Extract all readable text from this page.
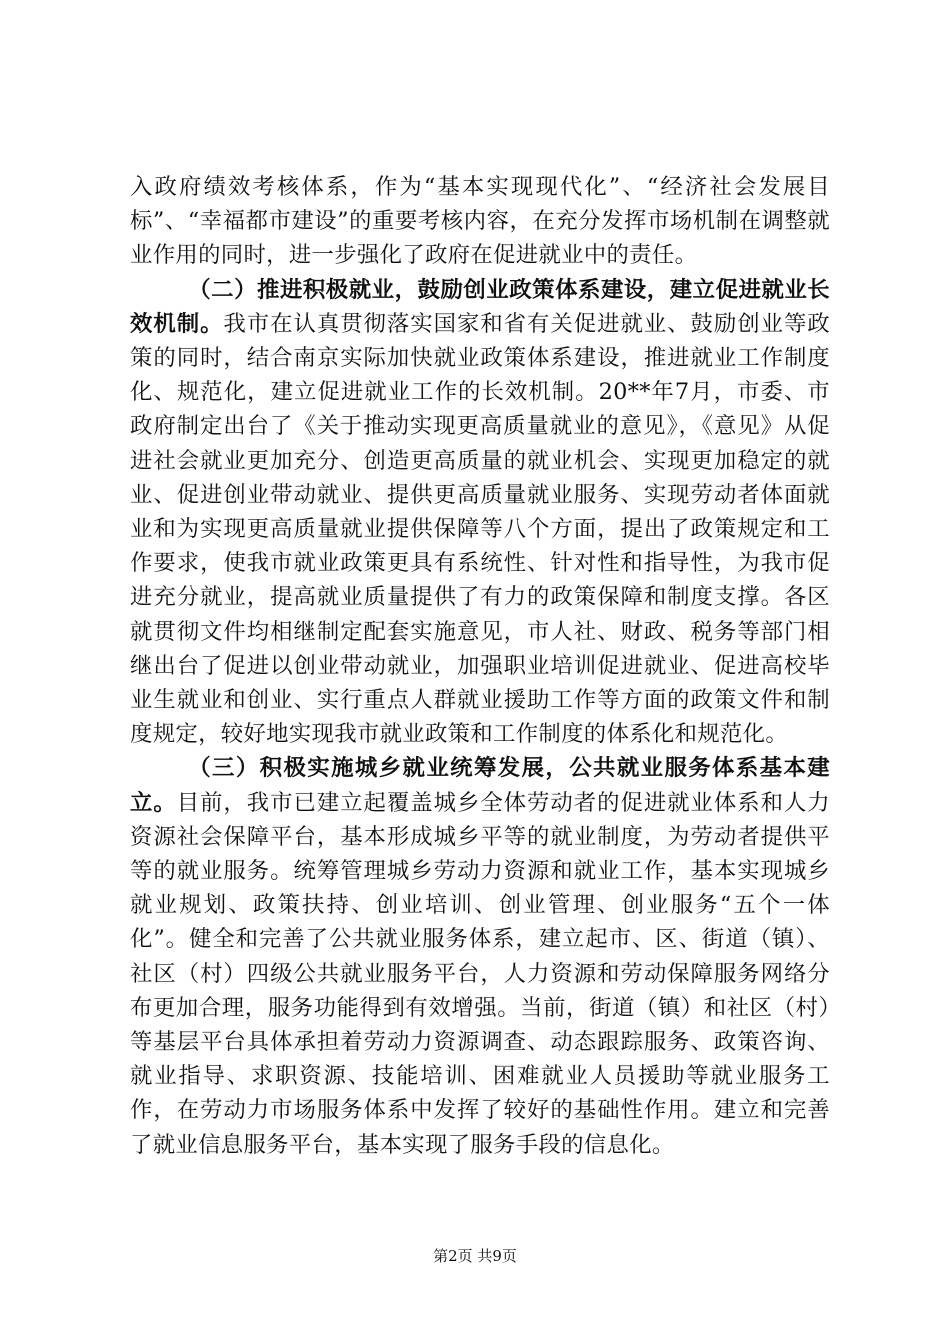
入政府绩效考核体系，作为“基本实现现代化”、“经济社会发展目标”、“幸福都市建设”的重要考核内容，在充分发挥市场机制在调整就业作用的同时，进一步强化了政府在促进就业中的责任。

（二）推进积极就业，鼓励创业政策体系建设，建立促进就业长效机制。我市在认真贯彻落实国家和省有关促进就业、鼓励创业等政策的同时，结合南京实际加快就业政策体系建设，推进就业工作制度化、规范化，建立促进就业工作的长效机制。20**年7月，市委、市政府制定出台了《关于推动实现更高质量就业的意见》，《意见》从促进社会就业更加充分、创造更高质量的就业机会、实现更加稳定的就业、促进创业带动就业、提供更高质量就业服务、实现劳动者体面就业和为实现更高质量就业提供保障等八个方面，提出了政策规定和工作要求，使我市就业政策更具有系统性、针对性和指导性，为我市促进充分就业，提高就业质量提供了有力的政策保障和制度支撑。各区就贯彻文件均相继制定配套实施意见，市人社、财政、税务等部门相继出台了促进以创业带动就业，加强职业培训促进就业、促进高校毕业生就业和创业、实行重点人群就业援助工作等方面的政策文件和制度规定，较好地实现我市就业政策和工作制度的体系化和规范化。

（三）积极实施城乡就业统筹发展，公共就业服务体系基本建立。目前，我市已建立起覆盖城乡全体劳动者的促进就业体系和人力资源社会保障平台，基本形成城乡平等的就业制度，为劳动者提供平等的就业服务。统筹管理城乡劳动力资源和就业工作，基本实现城乡就业规划、政策扶持、创业培训、创业管理、创业服务“五个一体化”。健全和完善了公共就业服务体系，建立起市、区、街道（镇）、社区（村）四级公共就业服务平台，人力资源和劳动保障服务网络分布更加合理，服务功能得到有效增强。当前，街道（镇）和社区（村）等基层平台具体承担着劳动力资源调查、动态跟踪服务、政策咨询、就业指导、求职资源、技能培训、困难就业人员援助等就业服务工作，在劳动力市场服务体系中发挥了较好的基础性作用。建立和完善了就业信息服务平台，基本实现了服务手段的信息化。

第2页 共9页
